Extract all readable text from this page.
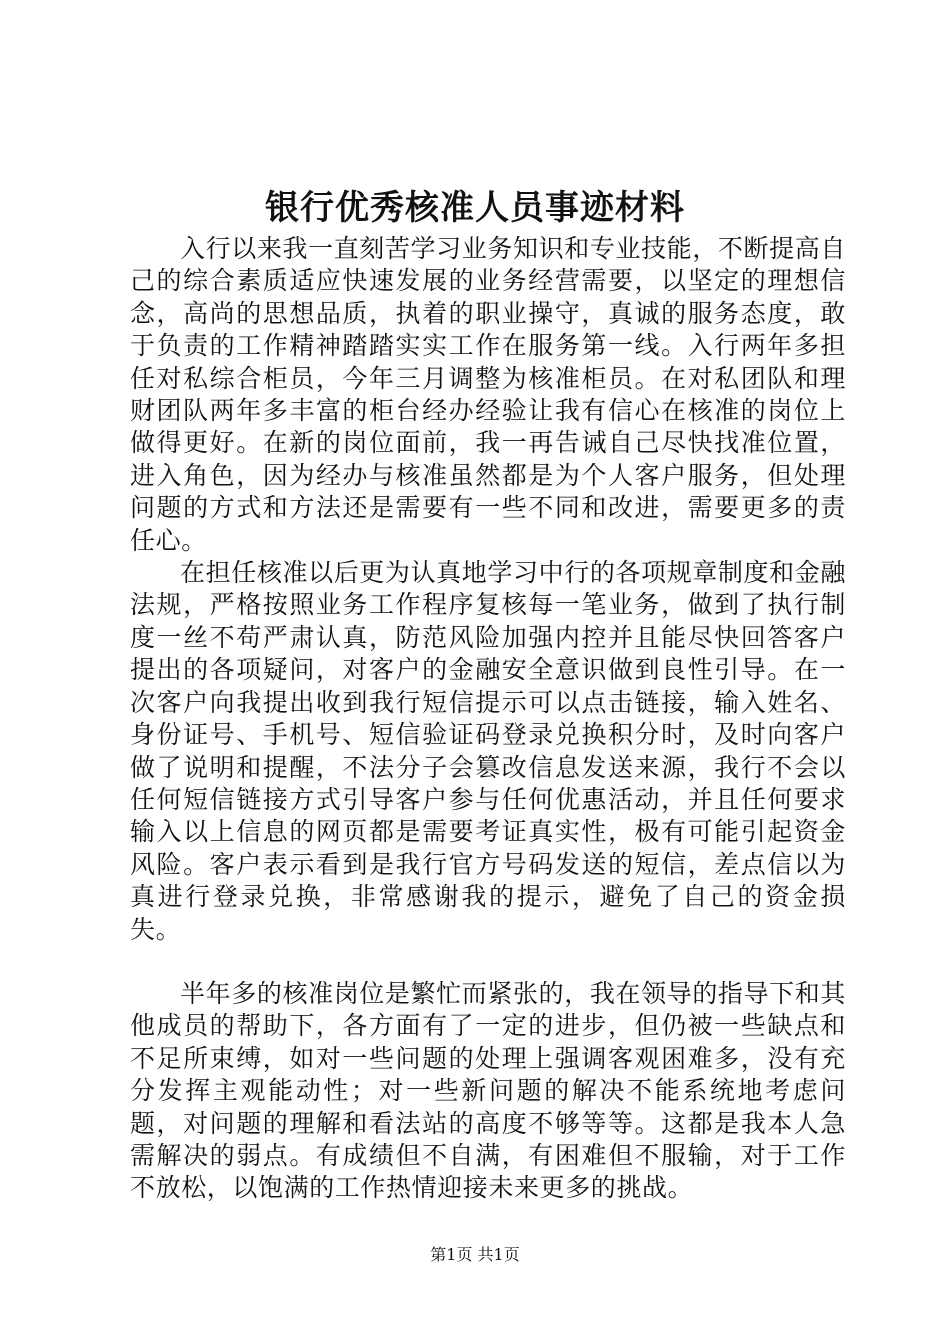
银行优秀核准人员事迹材料

入行以来我一直刻苦学习业务知识和专业技能，不断提高自己的综合素质适应快速发展的业务经营需要，以坚定的理想信念，高尚的思想品质，执着的职业操守，真诚的服务态度，敢于负责的工作精神踏踏实实工作在服务第一线。入行两年多担任对私综合柜员，今年三月调整为核准柜员。在对私团队和理财团队两年多丰富的柜台经办经验让我有信心在核准的岗位上做得更好。在新的岗位面前，我一再告诫自己尽快找准位置，进入角色，因为经办与核准虽然都是为个人客户服务，但处理问题的方式和方法还是需要有一些不同和改进，需要更多的责任心。

在担任核准以后更为认真地学习中行的各项规章制度和金融法规，严格按照业务工作程序复核每一笔业务，做到了执行制度一丝不苟严肃认真，防范风险加强内控并且能尽快回答客户提出的各项疑问，对客户的金融安全意识做到良性引导。在一次客户向我提出收到我行短信提示可以点击链接，输入姓名、身份证号、手机号、短信验证码登录兑换积分时，及时向客户做了说明和提醒，不法分子会篡改信息发送来源，我行不会以任何短信链接方式引导客户参与任何优惠活动，并且任何要求输入以上信息的网页都是需要考证真实性，极有可能引起资金风险。客户表示看到是我行官方号码发送的短信，差点信以为真进行登录兑换，非常感谢我的提示，避免了自己的资金损失。

半年多的核准岗位是繁忙而紧张的，我在领导的指导下和其他成员的帮助下，各方面有了一定的进步，但仍被一些缺点和不足所束缚，如对一些问题的处理上强调客观困难多，没有充分发挥主观能动性；对一些新问题的解决不能系统地考虑问题，对问题的理解和看法站的高度不够等等。这都是我本人急需解决的弱点。有成绩但不自满，有困难但不服输，对于工作不放松，以饱满的工作热情迎接未来更多的挑战。

第1页 共1页
